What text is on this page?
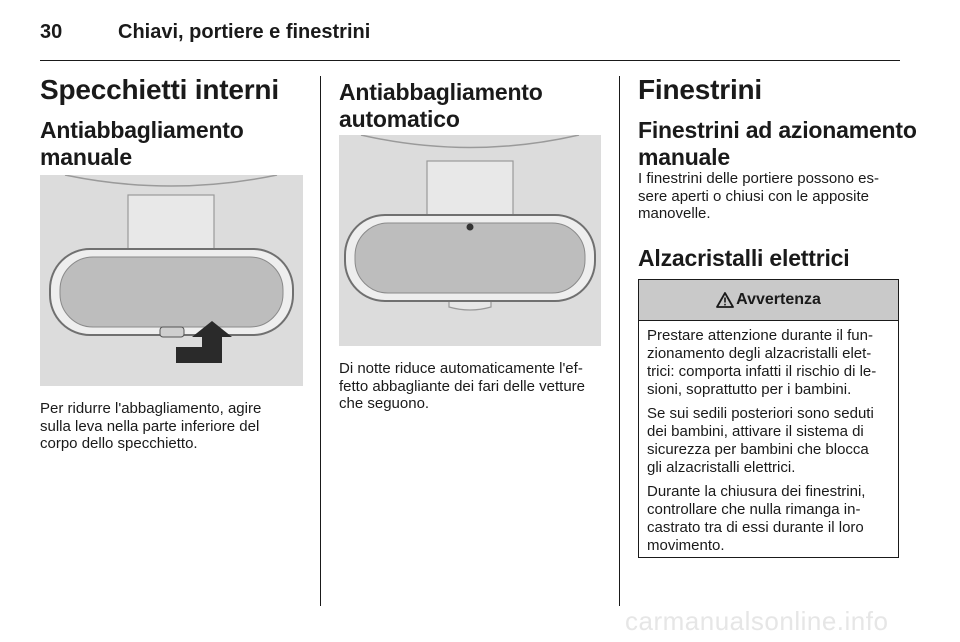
30	Chiavi, portiere e finestrini
Specchietti interni
Antiabbagliamento
manuale

Per ridurre l'abbagliamento, agire

sulla leva nella parte inferiore del

corpo dello specchietto.

Antiabbagliamento
automatico

Di notte riduce automaticamente l'ef-

fetto abbagliante dei fari delle vetture

che seguono.

Finestrini
Finestrini ad azionamento
manuale

I finestrini delle portiere possono es-

sere aperti o chiusi con le apposite

manovelle.

Alzacristalli elettrici
Avvertenza

Prestare attenzione durante il fun-
zionamento degli alzacristalli elet-
trici: comporta infatti il rischio di le-
sioni, soprattutto per i bambini.

Se sui sedili posteriori sono seduti
dei bambini, attivare il sistema di
sicurezza per bambini che blocca
gli alzacristalli elettrici.

Durante la chiusura dei finestrini,
controllare che nulla rimanga in-
castrato tra di essi durante il loro
movimento.

carmanualsonline.info
